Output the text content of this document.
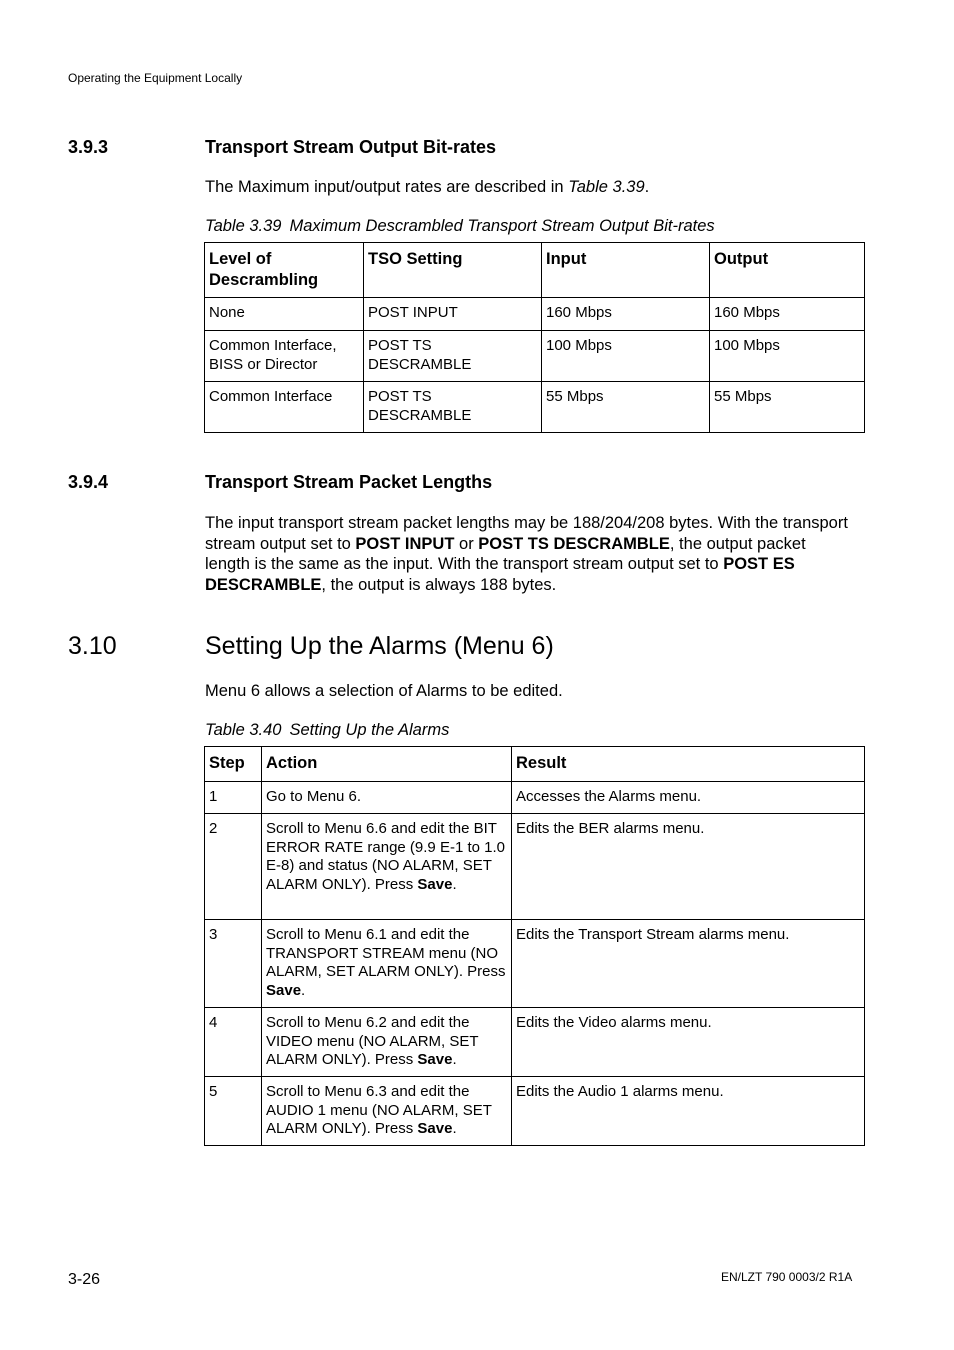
Operating the Equipment Locally
3.9.3	Transport Stream Output Bit-rates
The Maximum input/output rates are described in Table 3.39.
Table 3.39 Maximum Descrambled Transport Stream Output Bit-rates
Level of Descrambling	TSO Setting	Input	Output
None	POST INPUT	160 Mbps	160 Mbps
Common Interface, BISS or Director	POST TS DESCRAMBLE	100 Mbps	100 Mbps
Common Interface	POST TS DESCRAMBLE	55 Mbps	55 Mbps
3.9.4	Transport Stream Packet Lengths
The input transport stream packet lengths may be 188/204/208 bytes. With the transport stream output set to POST INPUT or POST TS DESCRAMBLE, the output packet length is the same as the input. With the transport stream output set to POST ES DESCRAMBLE, the output is always 188 bytes.
3.10	Setting Up the Alarms (Menu 6)
Menu 6 allows a selection of Alarms to be edited.
Table 3.40 Setting Up the Alarms
Step	Action	Result
1	Go to Menu 6.	Accesses the Alarms menu.
2	Scroll to Menu 6.6 and edit the BIT ERROR RATE range (9.9 E-1 to 1.0 E-8) and status (NO ALARM, SET ALARM ONLY). Press Save.	Edits the BER alarms menu.
3	Scroll to Menu 6.1 and edit the TRANSPORT STREAM menu (NO ALARM, SET ALARM ONLY). Press Save.	Edits the Transport Stream alarms menu.
4	Scroll to Menu 6.2 and edit the VIDEO menu (NO ALARM, SET ALARM ONLY). Press Save.	Edits the Video alarms menu.
5	Scroll to Menu 6.3 and edit the AUDIO 1 menu (NO ALARM, SET ALARM ONLY). Press Save.	Edits the Audio 1 alarms menu.
3-26	EN/LZT 790 0003/2 R1A
